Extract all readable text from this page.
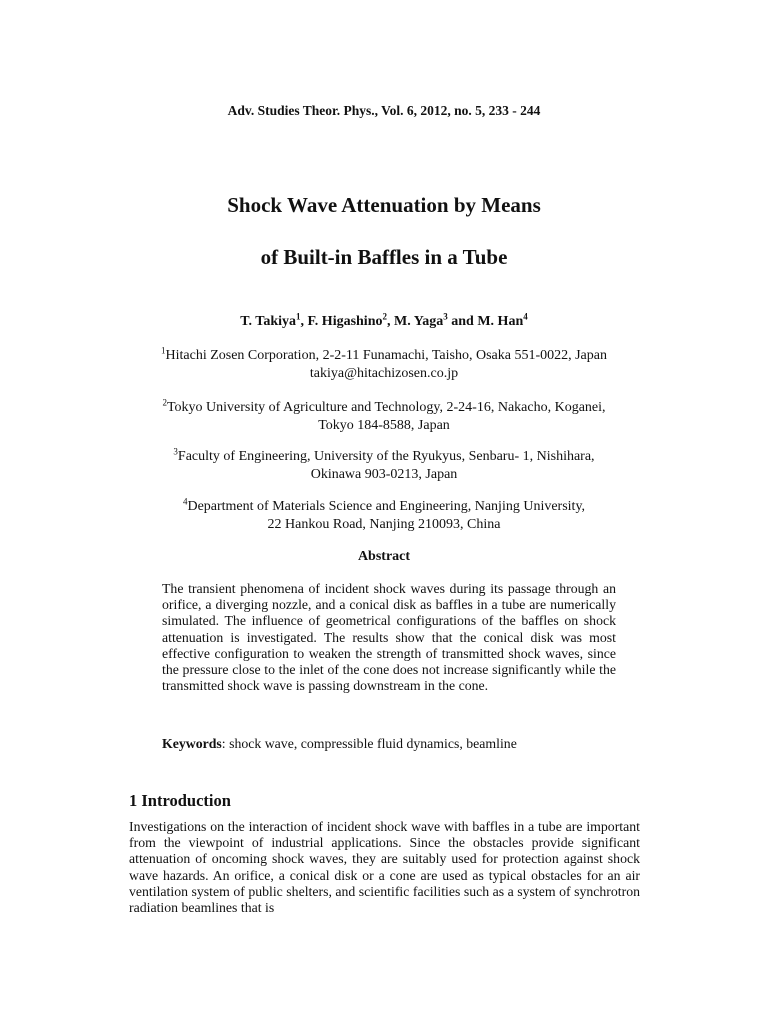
Adv. Studies Theor. Phys., Vol. 6, 2012, no. 5, 233 - 244
Shock Wave Attenuation by Means
of Built-in Baffles in a Tube
T. Takiya$^1$, F. Higashino$^2$, M. Yaga$^3$ and M. Han$^4$
$^1$Hitachi Zosen Corporation, 2-2-11 Funamachi, Taisho, Osaka 551-0022, Japan
takiya@hitachizosen.co.jp
$^2$Tokyo University of Agriculture and Technology, 2-24-16, Nakacho, Koganei,
Tokyo 184-8588, Japan
$^3$Faculty of Engineering, University of the Ryukyus, Senbaru- 1, Nishihara,
Okinawa 903-0213, Japan
$^4$Department of Materials Science and Engineering, Nanjing University,
22 Hankou Road, Nanjing 210093, China
Abstract
The transient phenomena of incident shock waves during its passage through an orifice, a diverging nozzle, and a conical disk as baffles in a tube are numerically simulated. The influence of geometrical configurations of the baffles on shock attenuation is investigated. The results show that the conical disk was most effective configuration to weaken the strength of transmitted shock waves, since the pressure close to the inlet of the cone does not increase significantly while the transmitted shock wave is passing downstream in the cone.
Keywords: shock wave, compressible fluid dynamics, beamline
1 Introduction
Investigations on the interaction of incident shock wave with baffles in a tube are important from the viewpoint of industrial applications. Since the obstacles provide significant attenuation of oncoming shock waves, they are suitably used for protection against shock wave hazards. An orifice, a conical disk or a cone are used as typical obstacles for an air ventilation system of public shelters, and scientific facilities such as a system of synchrotron radiation beamlines that is
